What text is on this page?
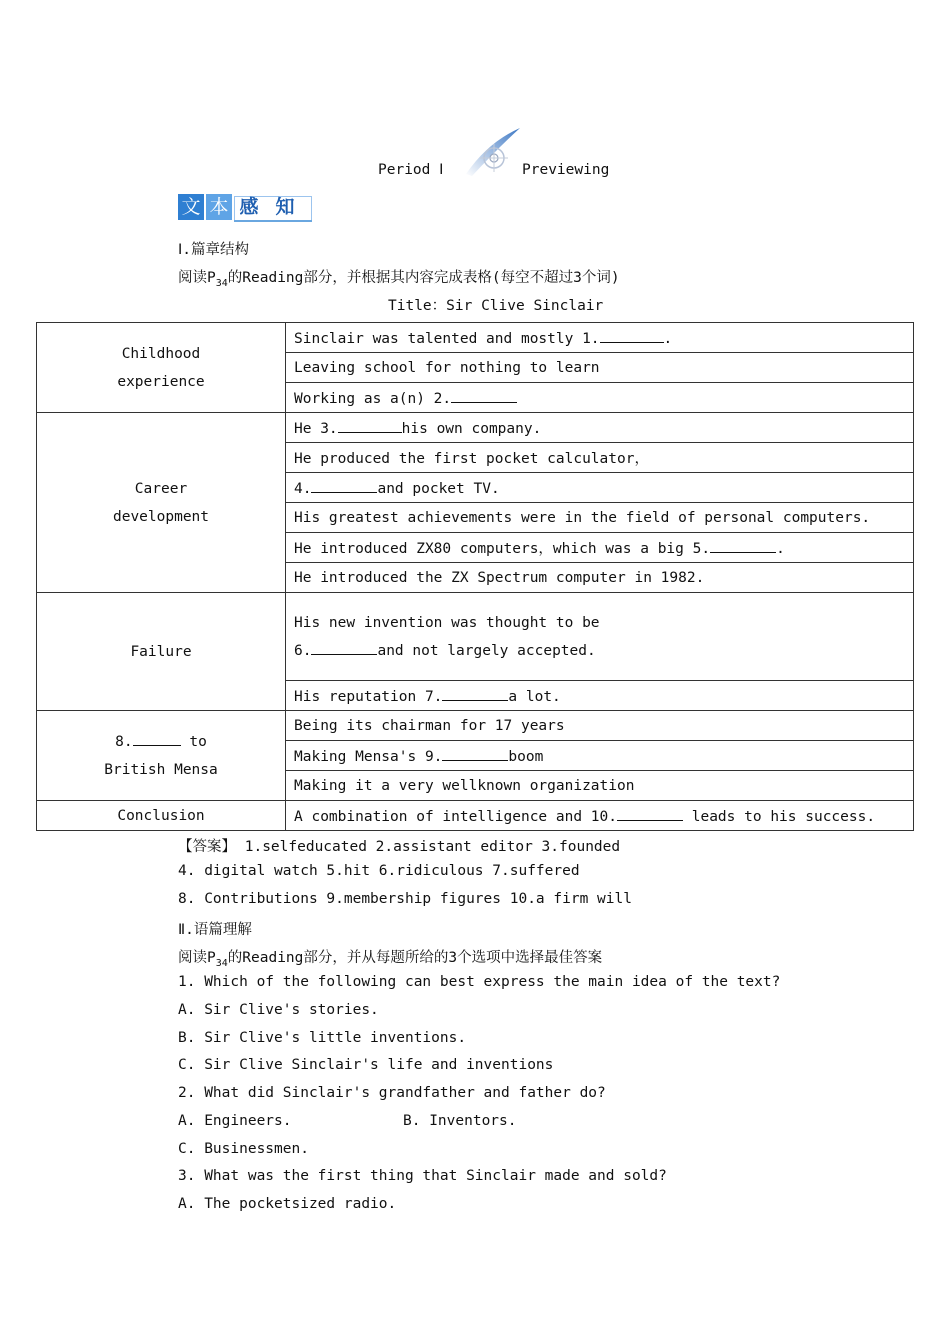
Period Ⅰ	Previewing
文 本 感 知
Ⅰ.篇章结构
阅读$P_{34}$的Reading部分，并根据其内容完成表格(每空不超过3个词)
Title：Sir Clive Sinclair
Childhood
experience	Sinclair was talented and mostly 1. .
	Leaving school for nothing to learn
	Working as a(n) 2.
Career
development	He 3. his own company.
	He produced the first pocket calculator，
	4. and pocket TV.
	His greatest achievements were in the field of personal computers.
	He introduced ZX80 computers，which was a big 5. .
	He introduced the ZX Spectrum computer in 1982.
Failure	His new invention was thought to be
6. and not largely accepted.

	His reputation 7. a lot.
8. to
British Mensa	Being its chairman for 17 years
	Making Mensa's 9. boom
	Making it a very wellknown organization
Conclusion	A combination of intelligence and 10. leads to his success.
【答案】 1.selfeducated 2.assistant editor 3.founded
4. digital watch 5.hit 6.ridiculous 7.suffered
8. Contributions 9.membership figures 10.a firm will
Ⅱ.语篇理解
阅读$P_{34}$的Reading部分，并从每题所给的3个选项中选择最佳答案
1. Which of the following can best express the main idea of the text?
A. Sir Clive's stories.
B. Sir Clive's little inventions.
C. Sir Clive Sinclair's life and inventions
2. What did Sinclair's grandfather and father do?
A. Engineers.	B. Inventors.
C. Businessmen.
3. What was the first thing that Sinclair made and sold?
A. The pocketsized radio.
